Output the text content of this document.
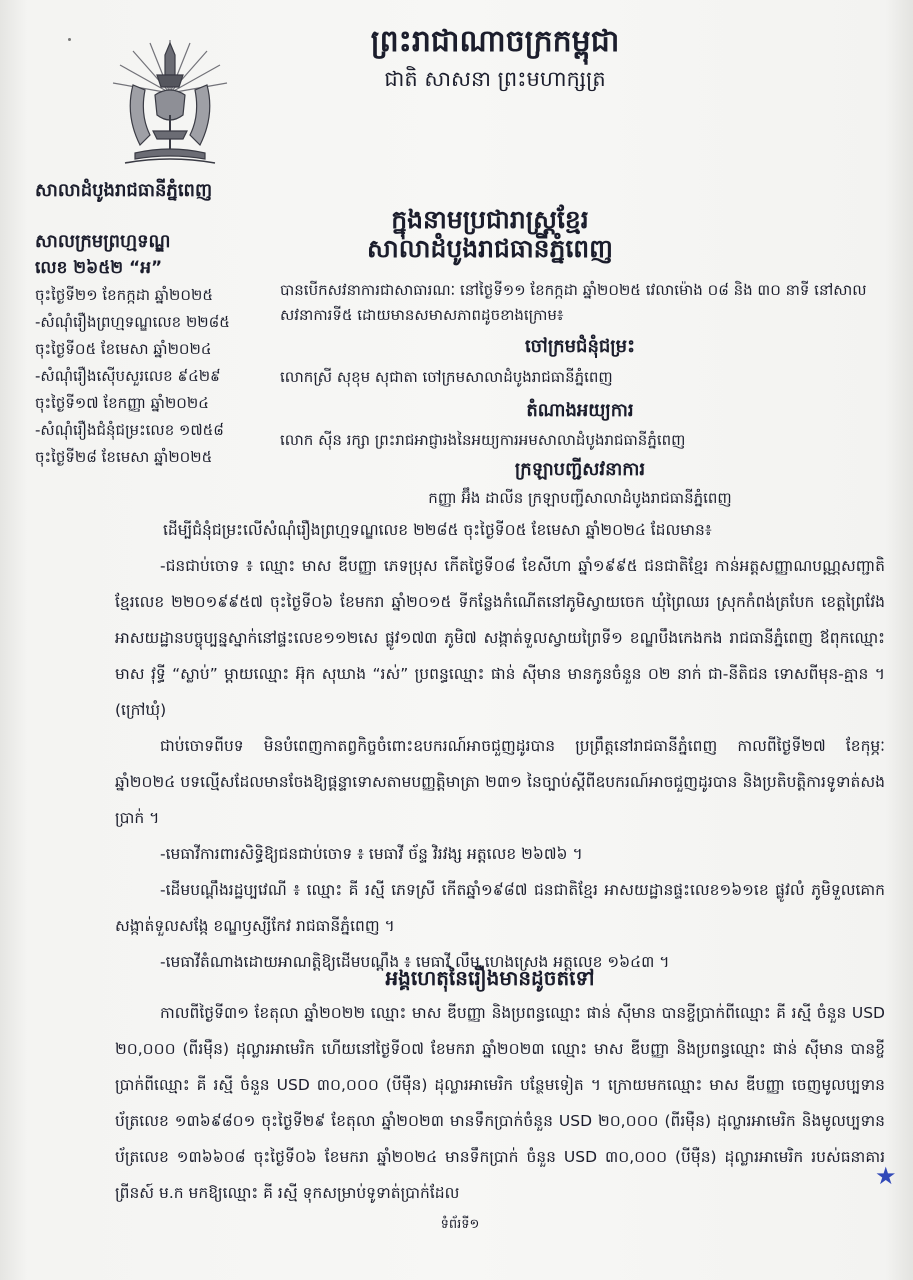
ព្រះរាជាណាចក្រកម្ពុជា
ជាតិ សាសនា ព្រះមហាក្សត្រ
សាលាដំបូងរាជធានីភ្នំពេញ
សាលក្រមព្រហ្មទណ្ឌ
លេខ ២៦៥២ “អ”
ចុះថ្ងៃទី២១ ខែកក្កដា ឆ្នាំ២០២៥
-សំណុំរឿងព្រហ្មទណ្ឌលេខ ២២៨៥
ចុះថ្ងៃទី០៥ ខែមេសា ឆ្នាំ២០២៤
-សំណុំរឿងស៊ើបសួរលេខ ៩៤២៩
ចុះថ្ងៃទី១៧ ខែកញ្ញា ឆ្នាំ២០២៤
-សំណុំរឿងជំនុំជម្រះលេខ ១៧៥៨
ចុះថ្ងៃទី២៨ ខែមេសា ឆ្នាំ២០២៥
ក្នុងនាមប្រជារាស្ត្រខ្មែរ
សាលាដំបូងរាជធានីភ្នំពេញ
បានបើកសវនាការជាសាធារណៈ នៅថ្ងៃទី១១ ខែកក្កដា ឆ្នាំ២០២៥ វេលាម៉ោង ០៨ និង ៣០ នាទី នៅសាលសវនាការទី៥ ដោយមានសមាសភាពដូចខាងក្រោម៖
ចៅក្រមជំនុំជម្រះ
លោកស្រី សុខុម សុជាតា ចៅក្រមសាលាដំបូងរាជធានីភ្នំពេញ
តំណាងអយ្យការ
លោក ស៊ីន រក្សា ព្រះរាជអាជ្ញារងនៃអយ្យការអមសាលាដំបូងរាជធានីភ្នំពេញ
ក្រឡាបញ្ជីសវនាការ
កញ្ញា អ៊ឹង ដាលីន ក្រឡាបញ្ជីសាលាដំបូងរាជធានីភ្នំពេញ

ដើម្បីជំនុំជម្រះលើសំណុំរឿងព្រហ្មទណ្ឌលេខ ២២៨៥ ចុះថ្ងៃទី០៥ ខែមេសា ឆ្នាំ២០២៤ ដែលមាន៖

-ជនជាប់ចោទ ៖ ឈ្មោះ មាស ឌីបញ្ញា ភេទប្រុស កើតថ្ងៃទី០៨ ខែសីហា ឆ្នាំ១៩៩៥ ជនជាតិខ្មែរ កាន់អត្តសញ្ញាណបណ្ណសញ្ជាតិខ្មែរលេខ ២២០១៩៩៥៧ ចុះថ្ងៃទី០៦ ខែមករា ឆ្នាំ២០១៥ ទីកន្លែងកំណើតនៅភូមិស្វាយចេក ឃុំព្រៃឈរ ស្រុកកំពង់ត្របែក ខេត្តព្រៃវែង អាសយដ្ឋានបច្ចុប្បន្នស្នាក់នៅផ្ទះលេខ១១២សេ ផ្លូវ១៧៣ ភូមិ៧ សង្កាត់ទួលស្វាយព្រៃទី១ ខណ្ឌបឹងកេងកង រាជធានីភ្នំពេញ ឪពុកឈ្មោះ មាស វុទ្ធី “ស្លាប់” ម្តាយឈ្មោះ អ៊ុក សុឃាង “រស់” ប្រពន្ធឈ្មោះ ផាន់ ស៊ីមាន មានកូនចំនួន ០២ នាក់ ជា-នីតិជន ទោសពីមុន-គ្មាន ។ (ក្រៅឃុំ)

ជាប់ចោទពីបទ មិនបំពេញកាតព្វកិច្ចចំពោះឧបករណ៍អាចជួញដូរបាន ប្រព្រឹត្តនៅរាជធានីភ្នំពេញ កាលពីថ្ងៃទី២៧ ខែកុម្ភៈ ឆ្នាំ២០២៤ បទល្មើសដែលមានចែងឱ្យផ្តន្ទាទោសតាមបញ្ញត្តិមាត្រា ២៣១ នៃច្បាប់ស្តីពីឧបករណ៍អាចជួញដូរបាន និងប្រតិបត្តិការទូទាត់សងប្រាក់ ។

-មេធាវីការពារសិទ្ធិឱ្យជនជាប់ចោទ ៖ មេធាវី ច័ន្ទ វិរវង្ស អត្តលេខ ២៦៧៦ ។

-ដើមបណ្តឹងរដ្ឋប្បវេណី ៖ ឈ្មោះ គី រស្មី ភេទស្រី កើតឆ្នាំ១៩៨៧ ជនជាតិខ្មែរ អាសយដ្ឋានផ្ទះលេខ១៦១ខេ ផ្លូវលំ ភូមិទួលគោក សង្កាត់ទួលសង្កែ ខណ្ឌឫស្សីកែវ រាជធានីភ្នំពេញ ។

-មេធាវីតំណាងដោយអាណត្តិឱ្យដើមបណ្តឹង ៖ មេធាវី លឹម ហេងស្រេង អត្តលេខ ១៦៤៣ ។

អង្គហេតុនៃរឿងមានដូចតទៅ

កាលពីថ្ងៃទី៣១ ខែតុលា ឆ្នាំ២០២២ ឈ្មោះ មាស ឌីបញ្ញា និងប្រពន្ធឈ្មោះ ផាន់ ស៊ីមាន បានខ្ចីប្រាក់ពីឈ្មោះ គី រស្មី ចំនួន USD ២០,០០០ (ពីរម៉ឺន) ដុល្លារអាមេរិក ហើយនៅថ្ងៃទី០៧ ខែមករា ឆ្នាំ២០២៣ ឈ្មោះ មាស ឌីបញ្ញា និងប្រពន្ធឈ្មោះ ផាន់ ស៊ីមាន បានខ្ចីប្រាក់ពីឈ្មោះ គី រស្មី ចំនួន USD ៣០,០០០ (បីម៉ឺន) ដុល្លារអាមេរិក បន្ថែមទៀត ។ ក្រោយមកឈ្មោះ មាស ឌីបញ្ញា ចេញមូលប្បទានប័ត្រលេខ ១៣៦៩៨០១ ចុះថ្ងៃទី២៩ ខែតុលា ឆ្នាំ២០២៣ មានទឹកប្រាក់ចំនួន USD ២០,០០០ (ពីរម៉ឺន) ដុល្លារអាមេរិក និងមូលប្បទានប័ត្រលេខ ១៣៦៦០៨ ចុះថ្ងៃទី០៦ ខែមករា ឆ្នាំ២០២៤ មានទឹកប្រាក់ ចំនួន USD ៣០,០០០ (បីម៉ឺន) ដុល្លារអាមេរិក របស់ធនាគារព្រីនស៍ ម.ក មកឱ្យឈ្មោះ គី រស្មី ទុកសម្រាប់ទូទាត់ប្រាក់ដែល

★
ទំព័រទី១
